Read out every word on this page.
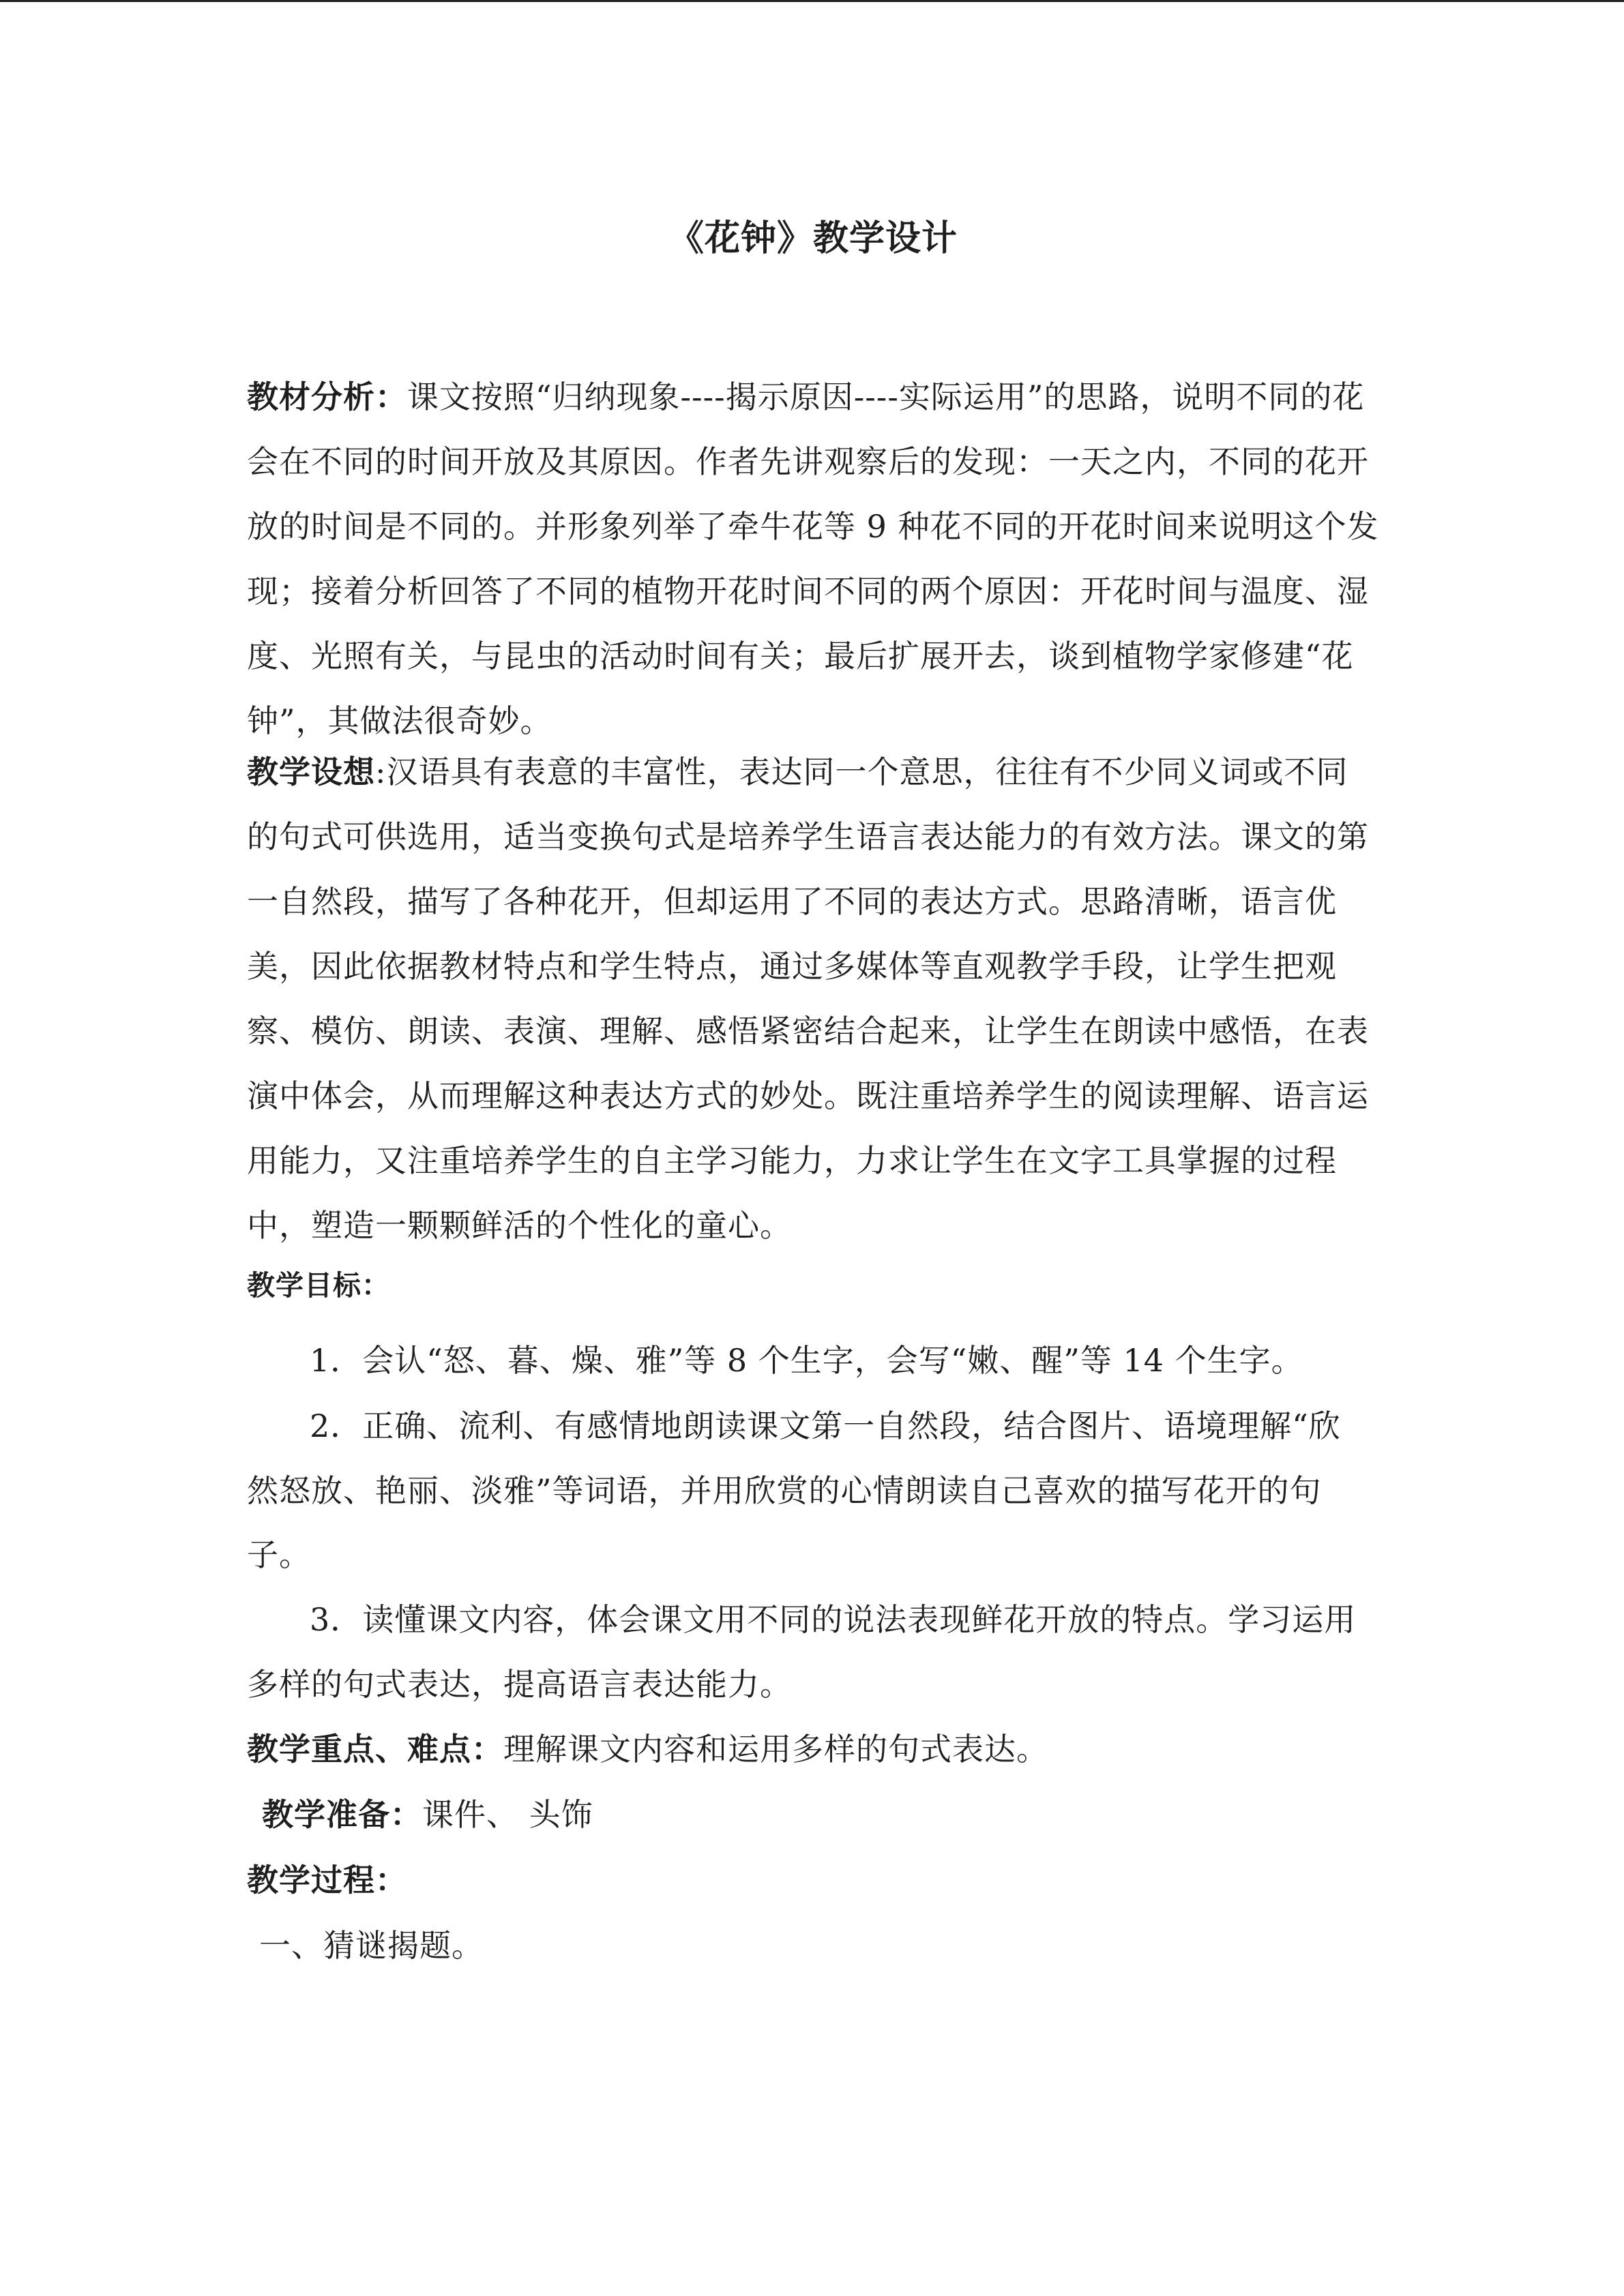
《花钟》教学设计
教材分析：课文按照“归纳现象----揭示原因----实际运用”的思路，说明不同的花会在不同的时间开放及其原因。作者先讲观察后的发现：一天之内，不同的花开放的时间是不同的。并形象列举了牵牛花等 9 种花不同的开花时间来说明这个发现；接着分析回答了不同的植物开花时间不同的两个原因：开花时间与温度、湿度、光照有关，与昆虫的活动时间有关；最后扩展开去，谈到植物学家修建“花钟”，其做法很奇妙。
教学设想:汉语具有表意的丰富性，表达同一个意思，往往有不少同义词或不同的句式可供选用，适当变换句式是培养学生语言表达能力的有效方法。课文的第一自然段，描写了各种花开，但却运用了不同的表达方式。思路清晰，语言优美，因此依据教材特点和学生特点，通过多媒体等直观教学手段，让学生把观察、模仿、朗读、表演、理解、感悟紧密结合起来，让学生在朗读中感悟，在表演中体会，从而理解这种表达方式的妙处。既注重培养学生的阅读理解、语言运用能力，又注重培养学生的自主学习能力，力求让学生在文字工具掌握的过程中，塑造一颗颗鲜活的个性化的童心。
教学目标：
1．会认“怒、暮、燥、雅”等 8 个生字，会写“嫩、醒”等 14 个生字。
2．正确、流利、有感情地朗读课文第一自然段，结合图片、语境理解“欣
然怒放、艳丽、淡雅”等词语，并用欣赏的心情朗读自己喜欢的描写花开的句
子。
3．读懂课文内容，体会课文用不同的说法表现鲜花开放的特点。学习运用
多样的句式表达，提高语言表达能力。
教学重点、难点：理解课文内容和运用多样的句式表达。
教学准备：课件、 头饰
教学过程：
一、猜谜揭题。
